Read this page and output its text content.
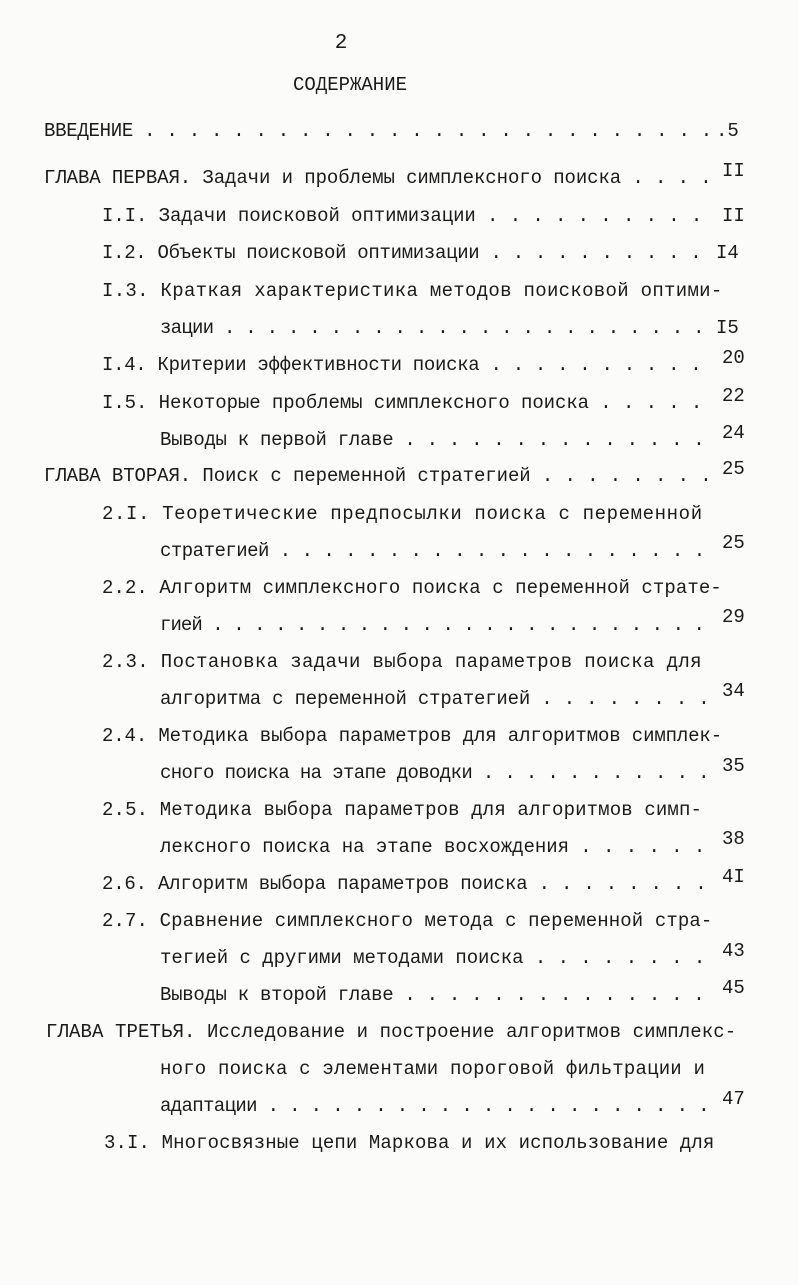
2
СОДЕРЖАНИЕ
ВВЕДЕНИЕ . . . . . . . . . . . . . . . . . . . . . . . . . . .5
ГЛАВА ПЕРВАЯ. Задачи и проблемы симплексного поиска . . . . II
I.I. Задачи поисковой оптимизации . . . . . . . . . . II
I.2. Объекты поисковой оптимизации . . . . . . . . . . I4
I.3. Краткая характеристика методов поисковой оптими-
зации . . . . . . . . . . . . . . . . . . . . . . . I5
I.4. Критерии эффективности поиска . . . . . . . . . . 20
I.5. Некоторые проблемы симплексного поиска . . . . . 22
Выводы к первой главе . . . . . . . . . . . . . . 24
ГЛАВА ВТОРАЯ. Поиск с переменной стратегией . . . . . . . . 25
2.I. Теоретические предпосылки поиска с переменной
стратегией . . . . . . . . . . . . . . . . . . . . 25
2.2. Алгоритм симплексного поиска с переменной страте-
гией . . . . . . . . . . . . . . . . . . . . . . . . 29
2.3. Постановка задачи выбора параметров поиска для
алгоритма с переменной стратегией . . . . . . . . 34
2.4. Методика выбора параметров для алгоритмов симплек-
сного поиска на этапе доводки . . . . . . . . . . . 35
2.5. Методика выбора параметров для алгоритмов симп-
лексного поиска на этапе восхождения . . . . . . 38
2.6. Алгоритм выбора параметров поиска . . . . . . . . 4I
2.7. Сравнение симплексного метода с переменной стра-
тегией с другими методами поиска . . . . . . . . 43
Выводы к второй главе . . . . . . . . . . . . . . 45
ГЛАВА ТРЕТЬЯ. Исследование и построение алгоритмов симплекс-
ного поиска с элементами пороговой фильтрации и
адаптации . . . . . . . . . . . . . . . . . . . . . 47
3.I. Многосвязные цепи Маркова и их использование для
